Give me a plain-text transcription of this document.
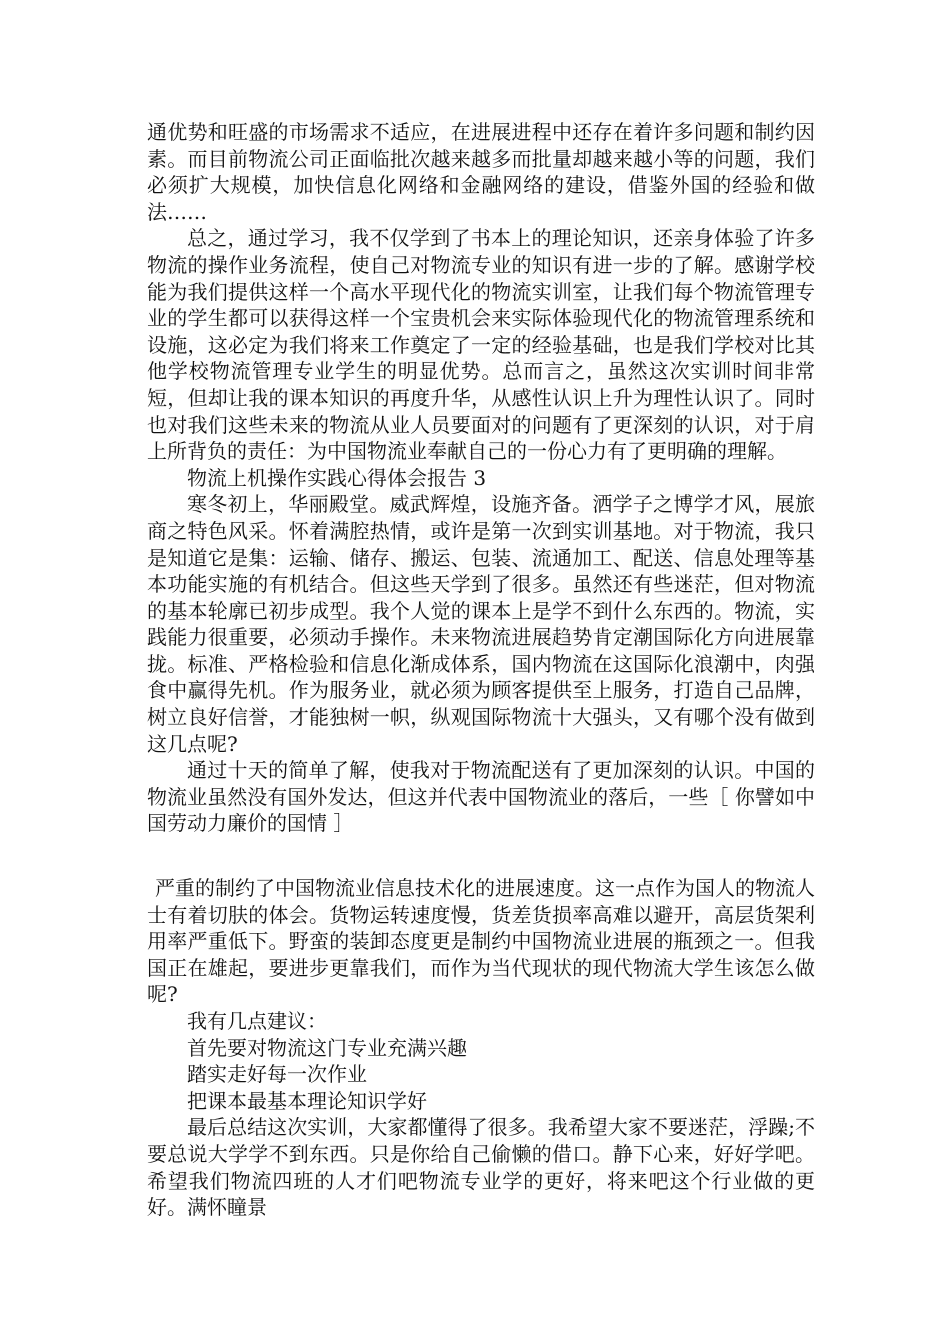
通优势和旺盛的市场需求不适应，在进展进程中还存在着许多问题和制约因素。而目前物流公司正面临批次越来越多而批量却越来越小等的问题，我们必须扩大规模，加快信息化网络和金融网络的建设，借鉴外国的经验和做法……

总之，通过学习，我不仅学到了书本上的理论知识，还亲身体验了许多物流的操作业务流程，使自己对物流专业的知识有进一步的了解。感谢学校能为我们提供这样一个高水平现代化的物流实训室，让我们每个物流管理专业的学生都可以获得这样一个宝贵机会来实际体验现代化的物流管理系统和设施，这必定为我们将来工作奠定了一定的经验基础，也是我们学校对比其他学校物流管理专业学生的明显优势。总而言之，虽然这次实训时间非常短，但却让我的课本知识的再度升华，从感性认识上升为理性认识了。同时也对我们这些未来的物流从业人员要面对的问题有了更深刻的认识，对于肩上所背负的责任：为中国物流业奉献自己的一份心力有了更明确的理解。

物流上机操作实践心得体会报告 3

寒冬初上，华丽殿堂。威武辉煌，设施齐备。洒学子之博学才风，展旅商之特色风采。怀着满腔热情，或许是第一次到实训基地。对于物流，我只是知道它是集：运输、储存、搬运、包装、流通加工、配送、信息处理等基本功能实施的有机结合。但这些天学到了很多。虽然还有些迷茫，但对物流的基本轮廓已初步成型。我个人觉的课本上是学不到什么东西的。物流，实践能力很重要，必须动手操作。未来物流进展趋势肯定潮国际化方向进展靠拢。标准、严格检验和信息化渐成体系，国内物流在这国际化浪潮中，肉强食中赢得先机。作为服务业，就必须为顾客提供至上服务，打造自己品牌，树立良好信誉，才能独树一帜，纵观国际物流十大强头，又有哪个没有做到这几点呢?

通过十天的简单了解，使我对于物流配送有了更加深刻的认识。中国的物流业虽然没有国外发达，但这并代表中国物流业的落后，一些［ 你譬如中国劳动力廉价的国情 ］

严重的制约了中国物流业信息技术化的进展速度。这一点作为国人的物流人士有着切肤的体会。货物运转速度慢，货差货损率高难以避开，高层货架利用率严重低下。野蛮的装卸态度更是制约中国物流业进展的瓶颈之一。但我国正在雄起，要进步更靠我们，而作为当代现状的现代物流大学生该怎么做呢?

我有几点建议：

首先要对物流这门专业充满兴趣

踏实走好每一次作业

把课本最基本理论知识学好

最后总结这次实训，大家都懂得了很多。我希望大家不要迷茫，浮躁;不要总说大学学不到东西。只是你给自己偷懒的借口。静下心来，好好学吧。希望我们物流四班的人才们吧物流专业学的更好，将来吧这个行业做的更好。满怀瞳景
